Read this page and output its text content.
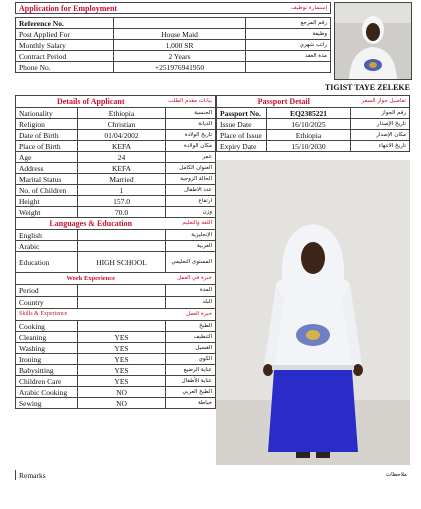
Application for Employment	إستمارة توظيف
Reference No.		رقم المرجع
Post Applied For	House Maid	وظيفة
Monthly Salary	1,000 SR	راتب شهري
Contract Period	2 Years	مدة العقد
Phone No.	+251976941950	
TIGIST TAYE ZELEKE
Details of Applicant		بيانات مقدم الطلب
Nationality	Ethiopia	الجنسية
Religion	Christian	الديانة
Date of Birth	01/04/2002	تاريخ الولادة
Place of Birth	KEFA	مكان الولادة
Age	24	عمر
Address	KEFA	العنوان الكامل
Marital Status	Married	الحالة الزوجية
No. of Children	1	عدد الاطفال
Height	157.0	ارتفاع
Weight	70.0	وزن
Languages & Education		اللغة والتعليم
English		الإنجليزية
Arabic		العربية
Education	HIGH SCHOOL	المستوى التعليمي
Work Experience		خبرة في العمل
Period		المدة
Country		البلد
Skills & Experience		خبرة العمل
Cooking		الطبخ
Cleaning	YES	التنظيف
Washing	YES	الغسيل
Ironing	YES	الكوي
Babysitting	YES	عناية الرضيع
Children Care	YES	عناية الأطفال
Arabic Cooking	NO	الطبخ العربي
Sewing	NO	خياطة
Passport Detail		تفاصيل جواز السفر
Passport No.	EQ2385221	رقم الجواز
Issue Date	16/10/2025	تاريخ الإصدار
Place of Issue	Ethiopia	مكان الإصدار
Expiry Date	15/10/2030	تاريخ الانتهاء
Remarks	ملاحظات
